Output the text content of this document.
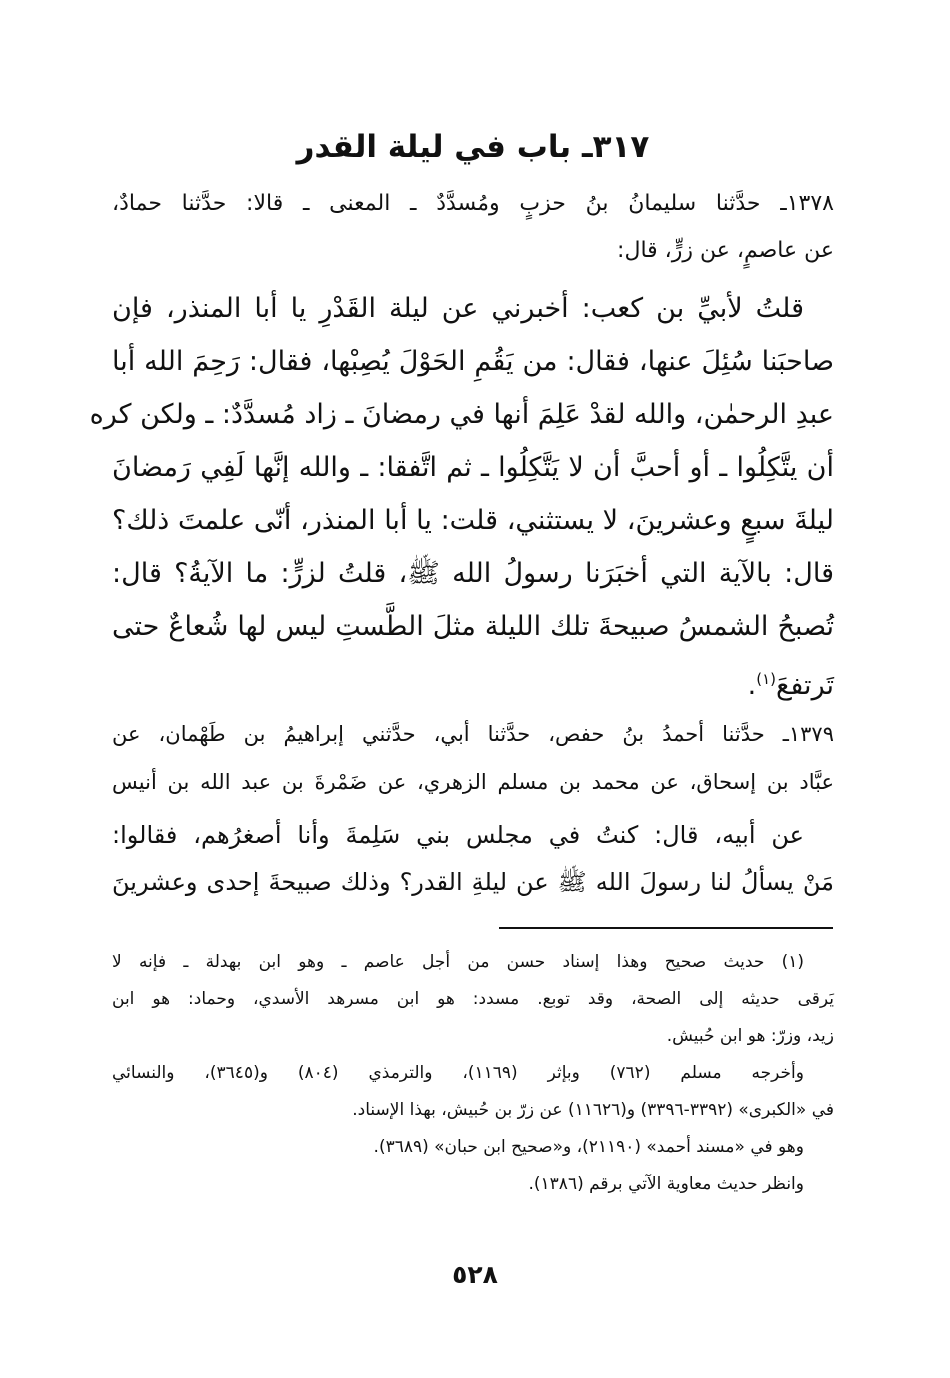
٣١٧ـ باب في ليلة القدر
١٣٧٨ـ حدَّثنا سليمانُ بنُ حزبٍ ومُسدَّدٌ ـ المعنى ـ قالا: حدَّثنا حمادٌ،
عن عاصمٍ، عن زرٍّ، قال:
قلتُ لأبيِّ بن كعب: أخبرني عن ليلة القَدْرِ يا أبا المنذر، فإن
صاحبَنا سُئِلَ عنها، فقال: من يَقُمِ الحَوْلَ يُصِبْها، فقال: رَحِمَ الله أبا
عبدِ الرحمٰن، والله لقدْ عَلِمَ أنها في رمضانَ ـ زاد مُسدَّدٌ: ـ ولكن كره
أن يتَّكِلُوا ـ أو أحبَّ أن لا يَتَّكِلُوا ـ ثم اتَّفقا: ـ والله إنَّها لَفِي رَمضانَ
ليلةَ سبعٍ وعشرينَ، لا يستثني، قلت: يا أبا المنذر، أنّى علمتَ ذلك؟
قال: بالآية التي أخبَرَنا رسولُ الله ﷺ، قلتُ لزرٍّ: ما الآيةُ؟ قال:
تُصبحُ الشمسُ صبيحةَ تلك الليلة مثلَ الطَّستِ ليس لها شُعاعٌ حتى
تَرتفعَ$^{(١)}$.
١٣٧٩ـ حدَّثنا أحمدُ بنُ حفص، حدَّثنا أبي، حدَّثني إبراهيمُ بن طَهْمان، عن
عبَّاد بن إسحاق، عن محمد بن مسلم الزهري، عن ضَمْرةَ بن عبد الله بن أنيس
عن أبيه، قال: كنتُ في مجلس بني سَلِمةَ وأنا أصغرُهم، فقالوا:
مَنْ يسألُ لنا رسولَ الله ﷺ عن ليلةِ القدر؟ وذلك صبيحةَ إحدى وعشرينَ
(١) حديث صحيح وهذا إسناد حسن من أجل عاصم ـ وهو ابن بهدلة ـ فإنه لا
يَرقى حديثه إلى الصحة، وقد توبع. مسدد: هو ابن مسرهد الأسدي، وحماد: هو ابن
زيد، وزرّ: هو ابن حُبيش.
وأخرجه مسلم (٧٦٢) وبإثر (١١٦٩)، والترمذي (٨٠٤) و(٣٦٤٥)، والنسائي
في «الكبرى» (٣٣٩٢-٣٣٩٦) و(١١٦٢٦) عن زرّ بن حُبيش، بهذا الإسناد.
وهو في «مسند أحمد» (٢١١٩٠)، و«صحيح ابن حبان» (٣٦٨٩).
وانظر حديث معاوية الآتي برقم (١٣٨٦).
٥٢٨
